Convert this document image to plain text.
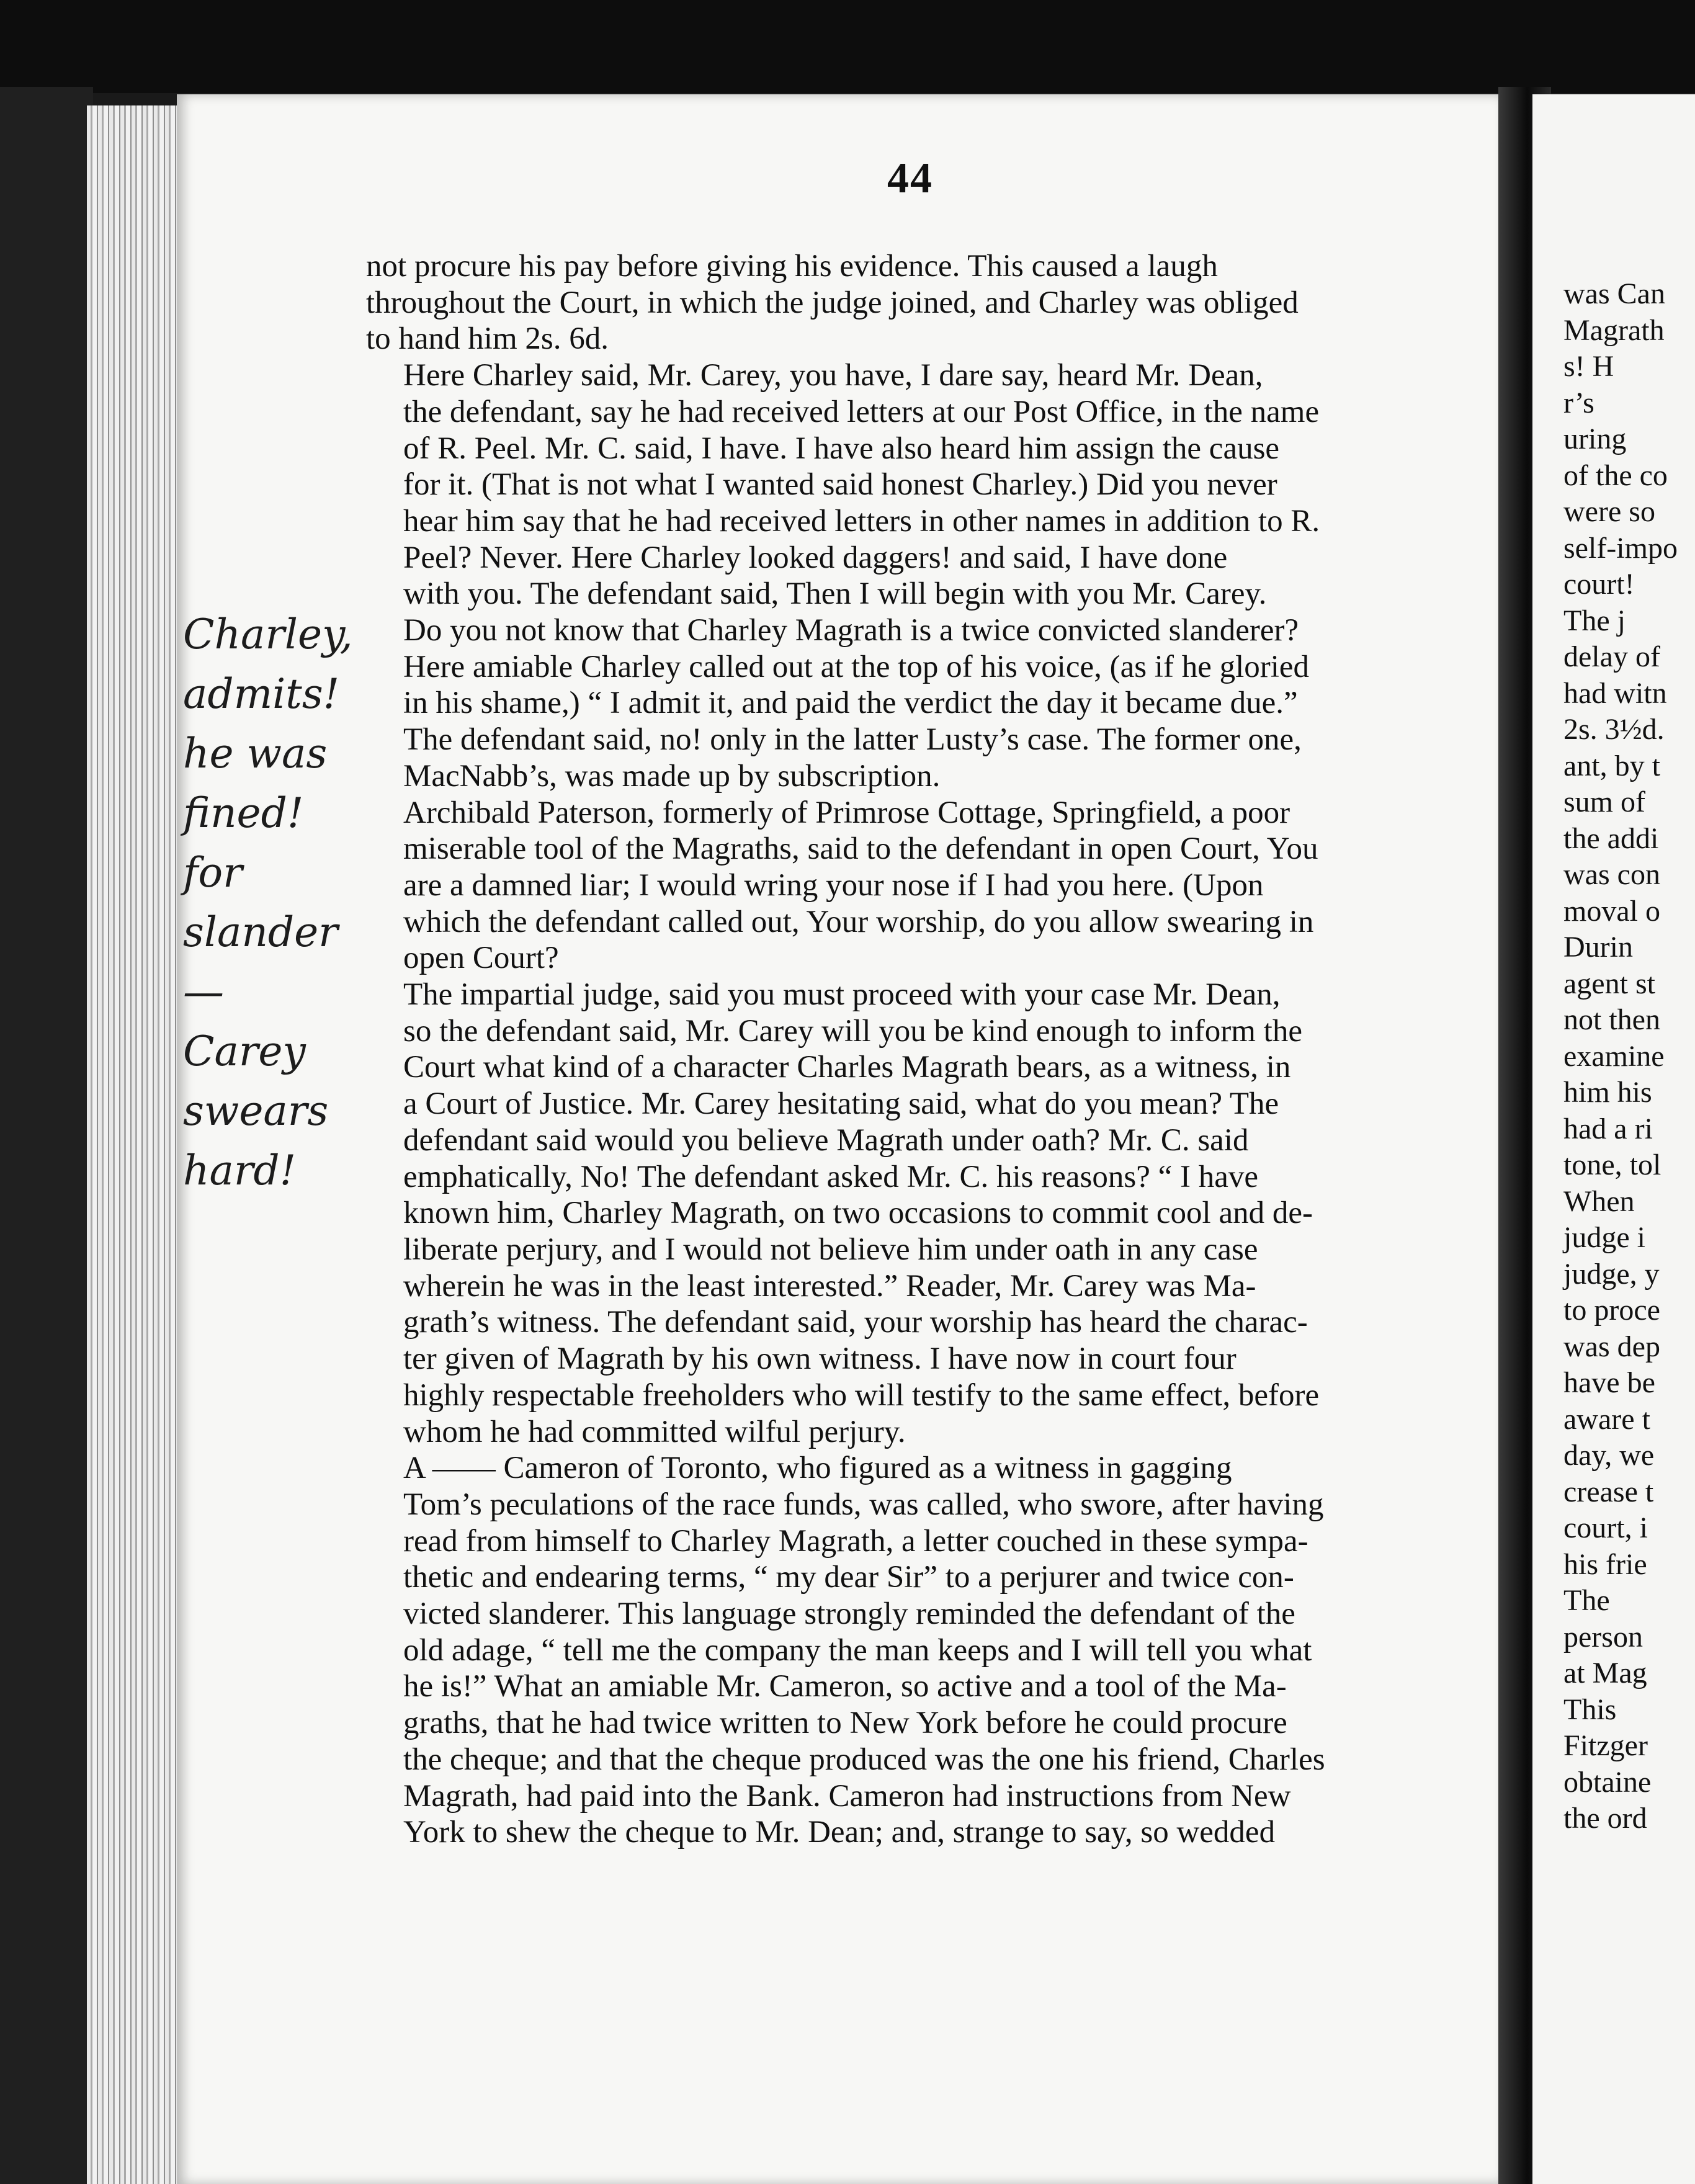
44

not procure his pay before giving his evidence. This caused a laugh
throughout the Court, in which the judge joined, and Charley was obliged
to hand him 2s. 6d.

Here Charley said, Mr. Carey, you have, I dare say, heard Mr. Dean,
the defendant, say he had received letters at our Post Office, in the name
of R. Peel. Mr. C. said, I have. I have also heard him assign the cause
for it. (That is not what I wanted said honest Charley.) Did you never
hear him say that he had received letters in other names in addition to R.
Peel? Never. Here Charley looked daggers! and said, I have done
with you. The defendant said, Then I will begin with you Mr. Carey.
Do you not know that Charley Magrath is a twice convicted slanderer?
Here amiable Charley called out at the top of his voice, (as if he gloried
in his shame,) “ I admit it, and paid the verdict the day it became due.”
The defendant said, no! only in the latter Lusty’s case. The former one,
MacNabb’s, was made up by subscription.

Archibald Paterson, formerly of Primrose Cottage, Springfield, a poor
miserable tool of the Magraths, said to the defendant in open Court, You
are a damned liar; I would wring your nose if I had you here. (Upon
which the defendant called out, Your worship, do you allow swearing in
open Court?

The impartial judge, said you must proceed with your case Mr. Dean,
so the defendant said, Mr. Carey will you be kind enough to inform the
Court what kind of a character Charles Magrath bears, as a witness, in
a Court of Justice. Mr. Carey hesitating said, what do you mean? The
defendant said would you believe Magrath under oath? Mr. C. said
emphatically, No! The defendant asked Mr. C. his reasons? “ I have
known him, Charley Magrath, on two occasions to commit cool and de-
liberate perjury, and I would not believe him under oath in any case
wherein he was in the least interested.” Reader, Mr. Carey was Ma-
grath’s witness. The defendant said, your worship has heard the charac-
ter given of Magrath by his own witness. I have now in court four
highly respectable freeholders who will testify to the same effect, before
whom he had committed wilful perjury.

A —— Cameron of Toronto, who figured as a witness in gagging
Tom’s peculations of the race funds, was called, who swore, after having
read from himself to Charley Magrath, a letter couched in these sympa-
thetic and endearing terms, “ my dear Sir” to a perjurer and twice con-
victed slanderer. This language strongly reminded the defendant of the
old adage, “ tell me the company the man keeps and I will tell you what
he is!” What an amiable Mr. Cameron, so active and a tool of the Ma-
graths, that he had twice written to New York before he could procure
the cheque; and that the cheque produced was the one his friend, Charles
Magrath, had paid into the Bank. Cameron had instructions from New
York to shew the cheque to Mr. Dean; and, strange to say, so wedded

Charley,
admits!
he was
fined!
for
slander
—
Carey
swears
hard!
was Can
Magrath
s! H
r’s
uring
of the co
were so
self-impo
court!
The j
delay of
had witn
2s. 3½d.
ant, by t
sum of
the addi
was con
moval o
Durin
agent st
not then
examine
him his
had a ri
tone, tol
When
judge i
judge, y
to proce
was dep
have be
aware t
day, we
crease t
court, i
his frie
The
person
at Mag
This
Fitzger
obtaine
the ord
